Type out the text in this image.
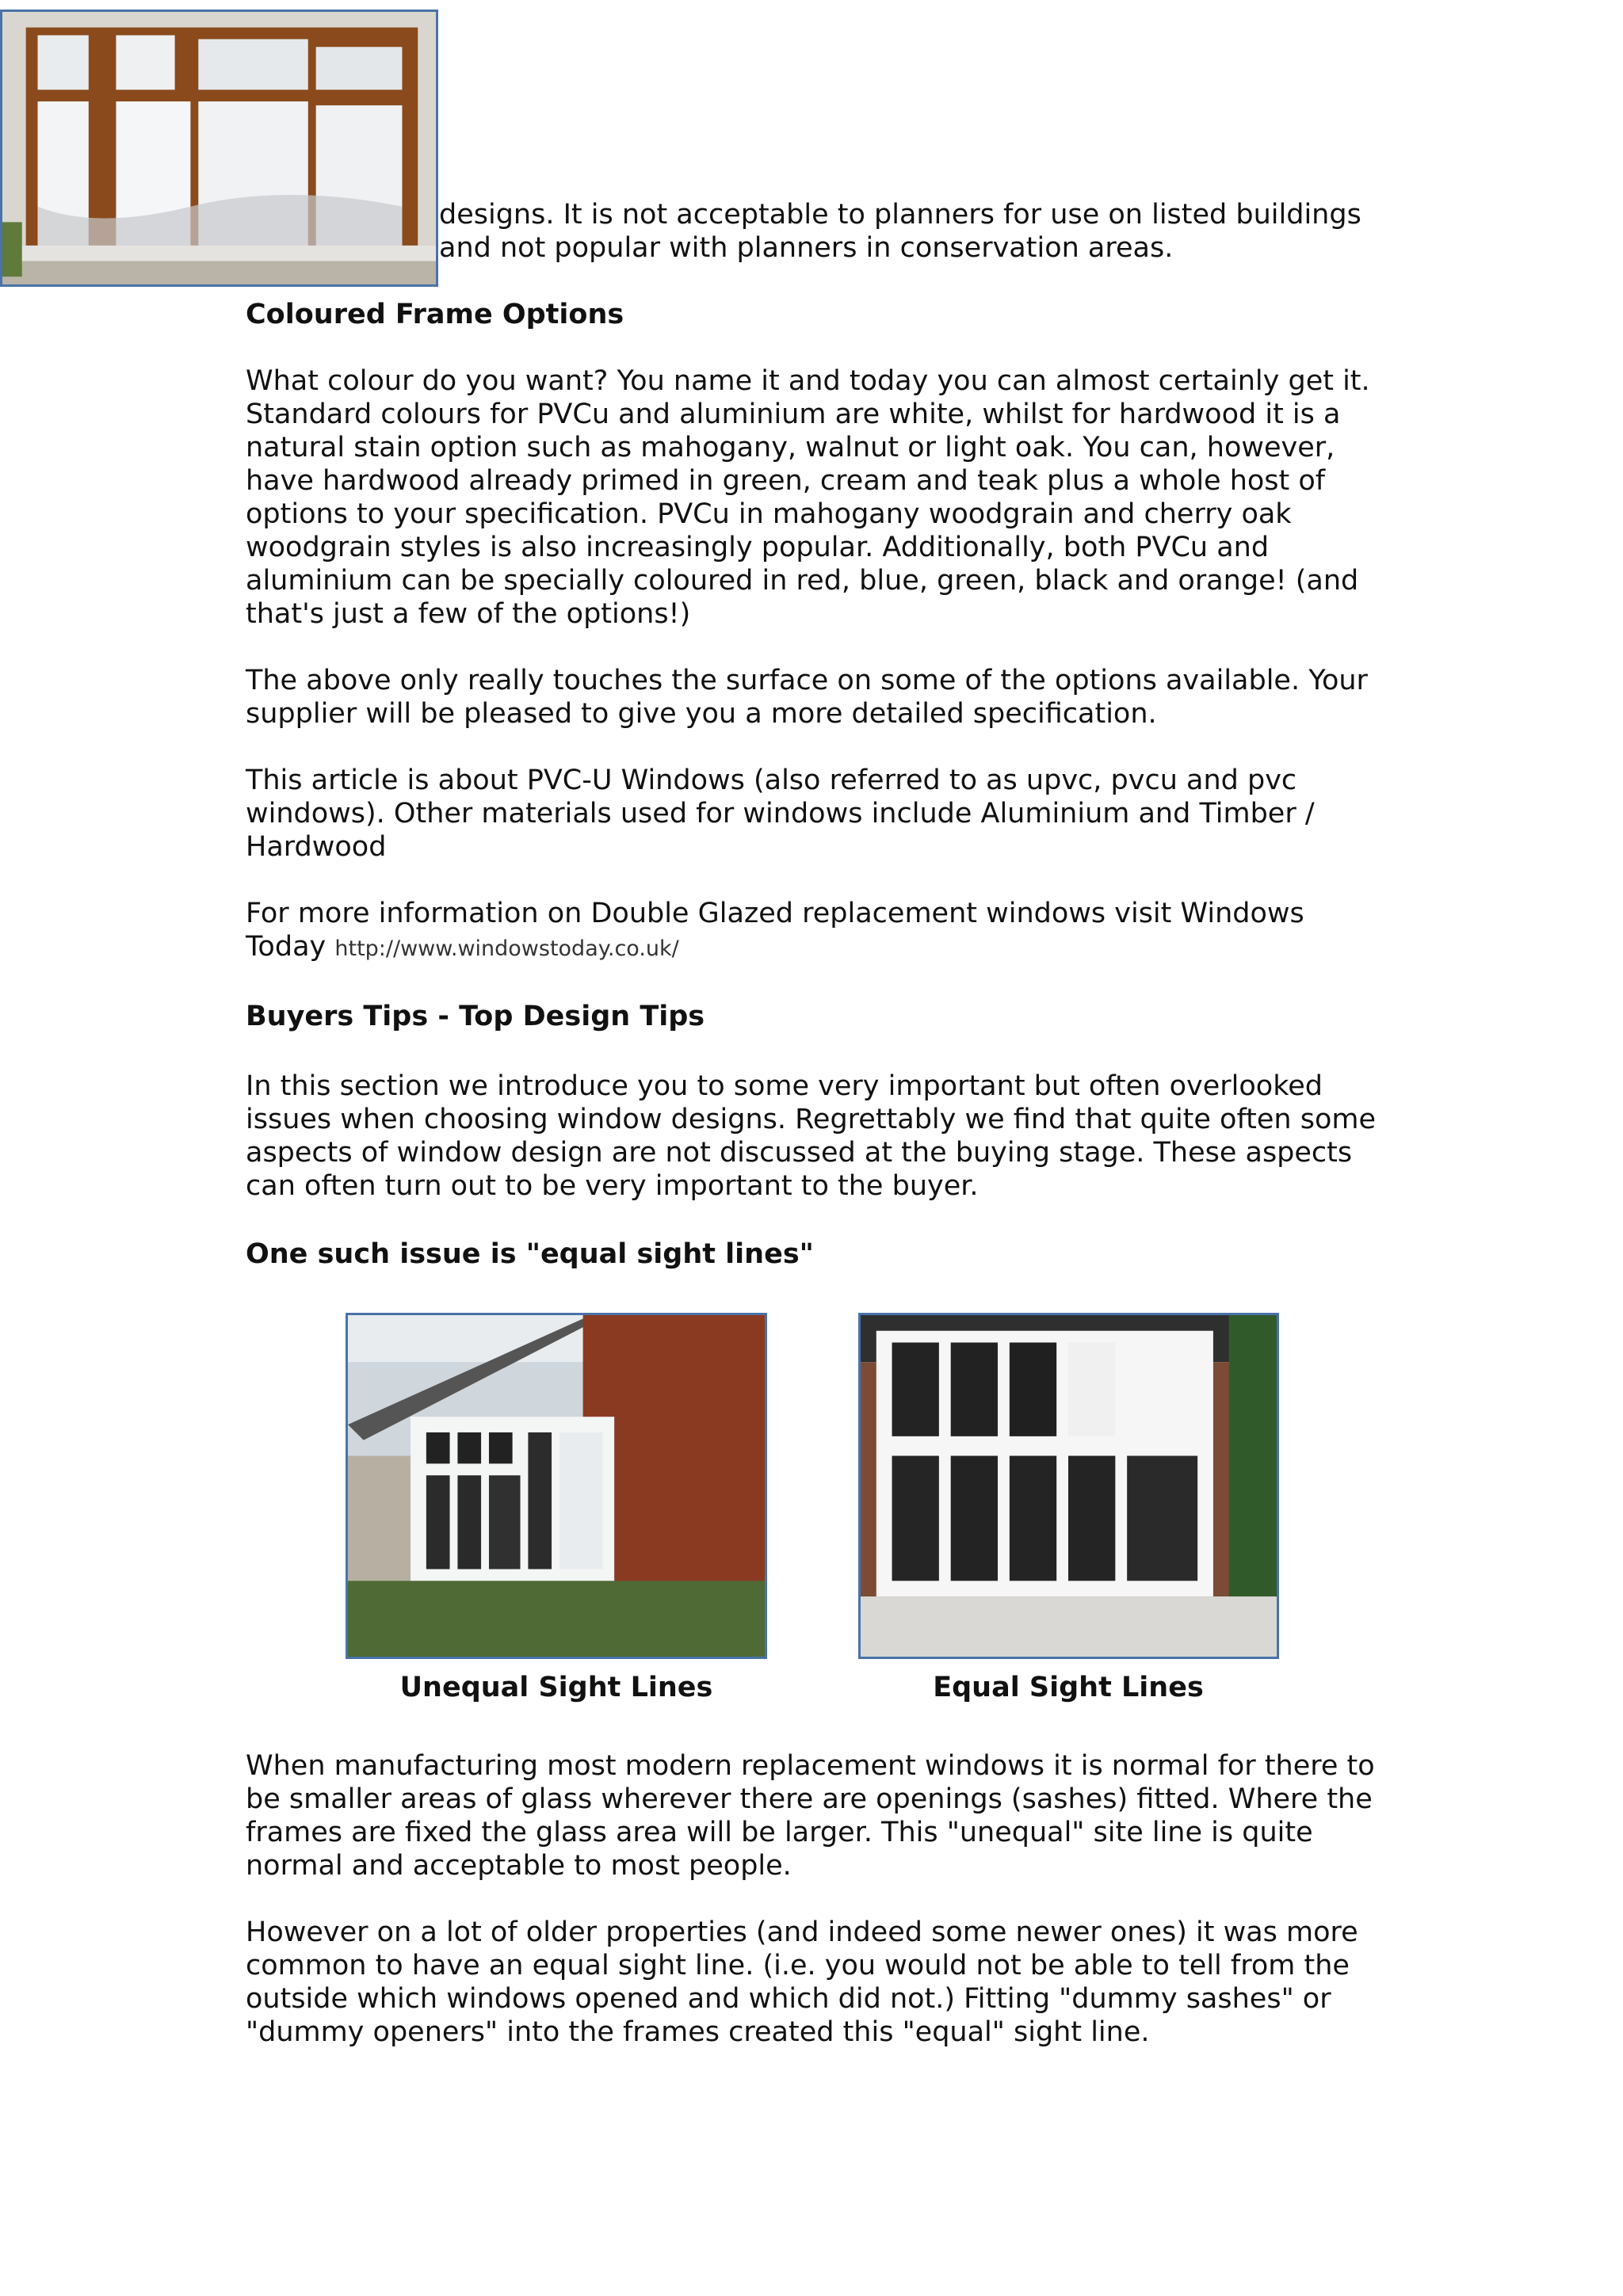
designs. It is not acceptable to planners for use on listed buildings

and not popular with planners in conservation areas.

Coloured Frame Options

What colour do you want? You name it and today you can almost certainly get it. Standard colours for PVCu and aluminium are white, whilst for hardwood it is a natural stain option such as mahogany, walnut or light oak. You can, however, have hardwood already primed in green, cream and teak plus a whole host of options to your specification. PVCu in mahogany woodgrain and cherry oak woodgrain styles is also increasingly popular. Additionally, both PVCu and aluminium can be specially coloured in red, blue, green, black and orange! (and that's just a few of the options!)

The above only really touches the surface on some of the options available. Your supplier will be pleased to give you a more detailed specification.

This article is about PVC-U Windows (also referred to as upvc, pvcu and pvc windows). Other materials used for windows include Aluminium and Timber / Hardwood

For more information on Double Glazed replacement windows visit Windows Today http://www.windowstoday.co.uk/

Buyers Tips - Top Design Tips

In this section we introduce you to some very important but often overlooked issues when choosing window designs. Regrettably we find that quite often some aspects of window design are not discussed at the buying stage. These aspects can often turn out to be very important to the buyer.

One such issue is "equal sight lines"
Unequal Sight Lines	Equal Sight Lines

When manufacturing most modern replacement windows it is normal for there to be smaller areas of glass wherever there are openings (sashes) fitted. Where the frames are fixed the glass area will be larger. This "unequal" site line is quite normal and acceptable to most people.

However on a lot of older properties (and indeed some newer ones) it was more common to have an equal sight line. (i.e. you would not be able to tell from the outside which windows opened and which did not.) Fitting "dummy sashes" or "dummy openers" into the frames created this "equal" sight line.
